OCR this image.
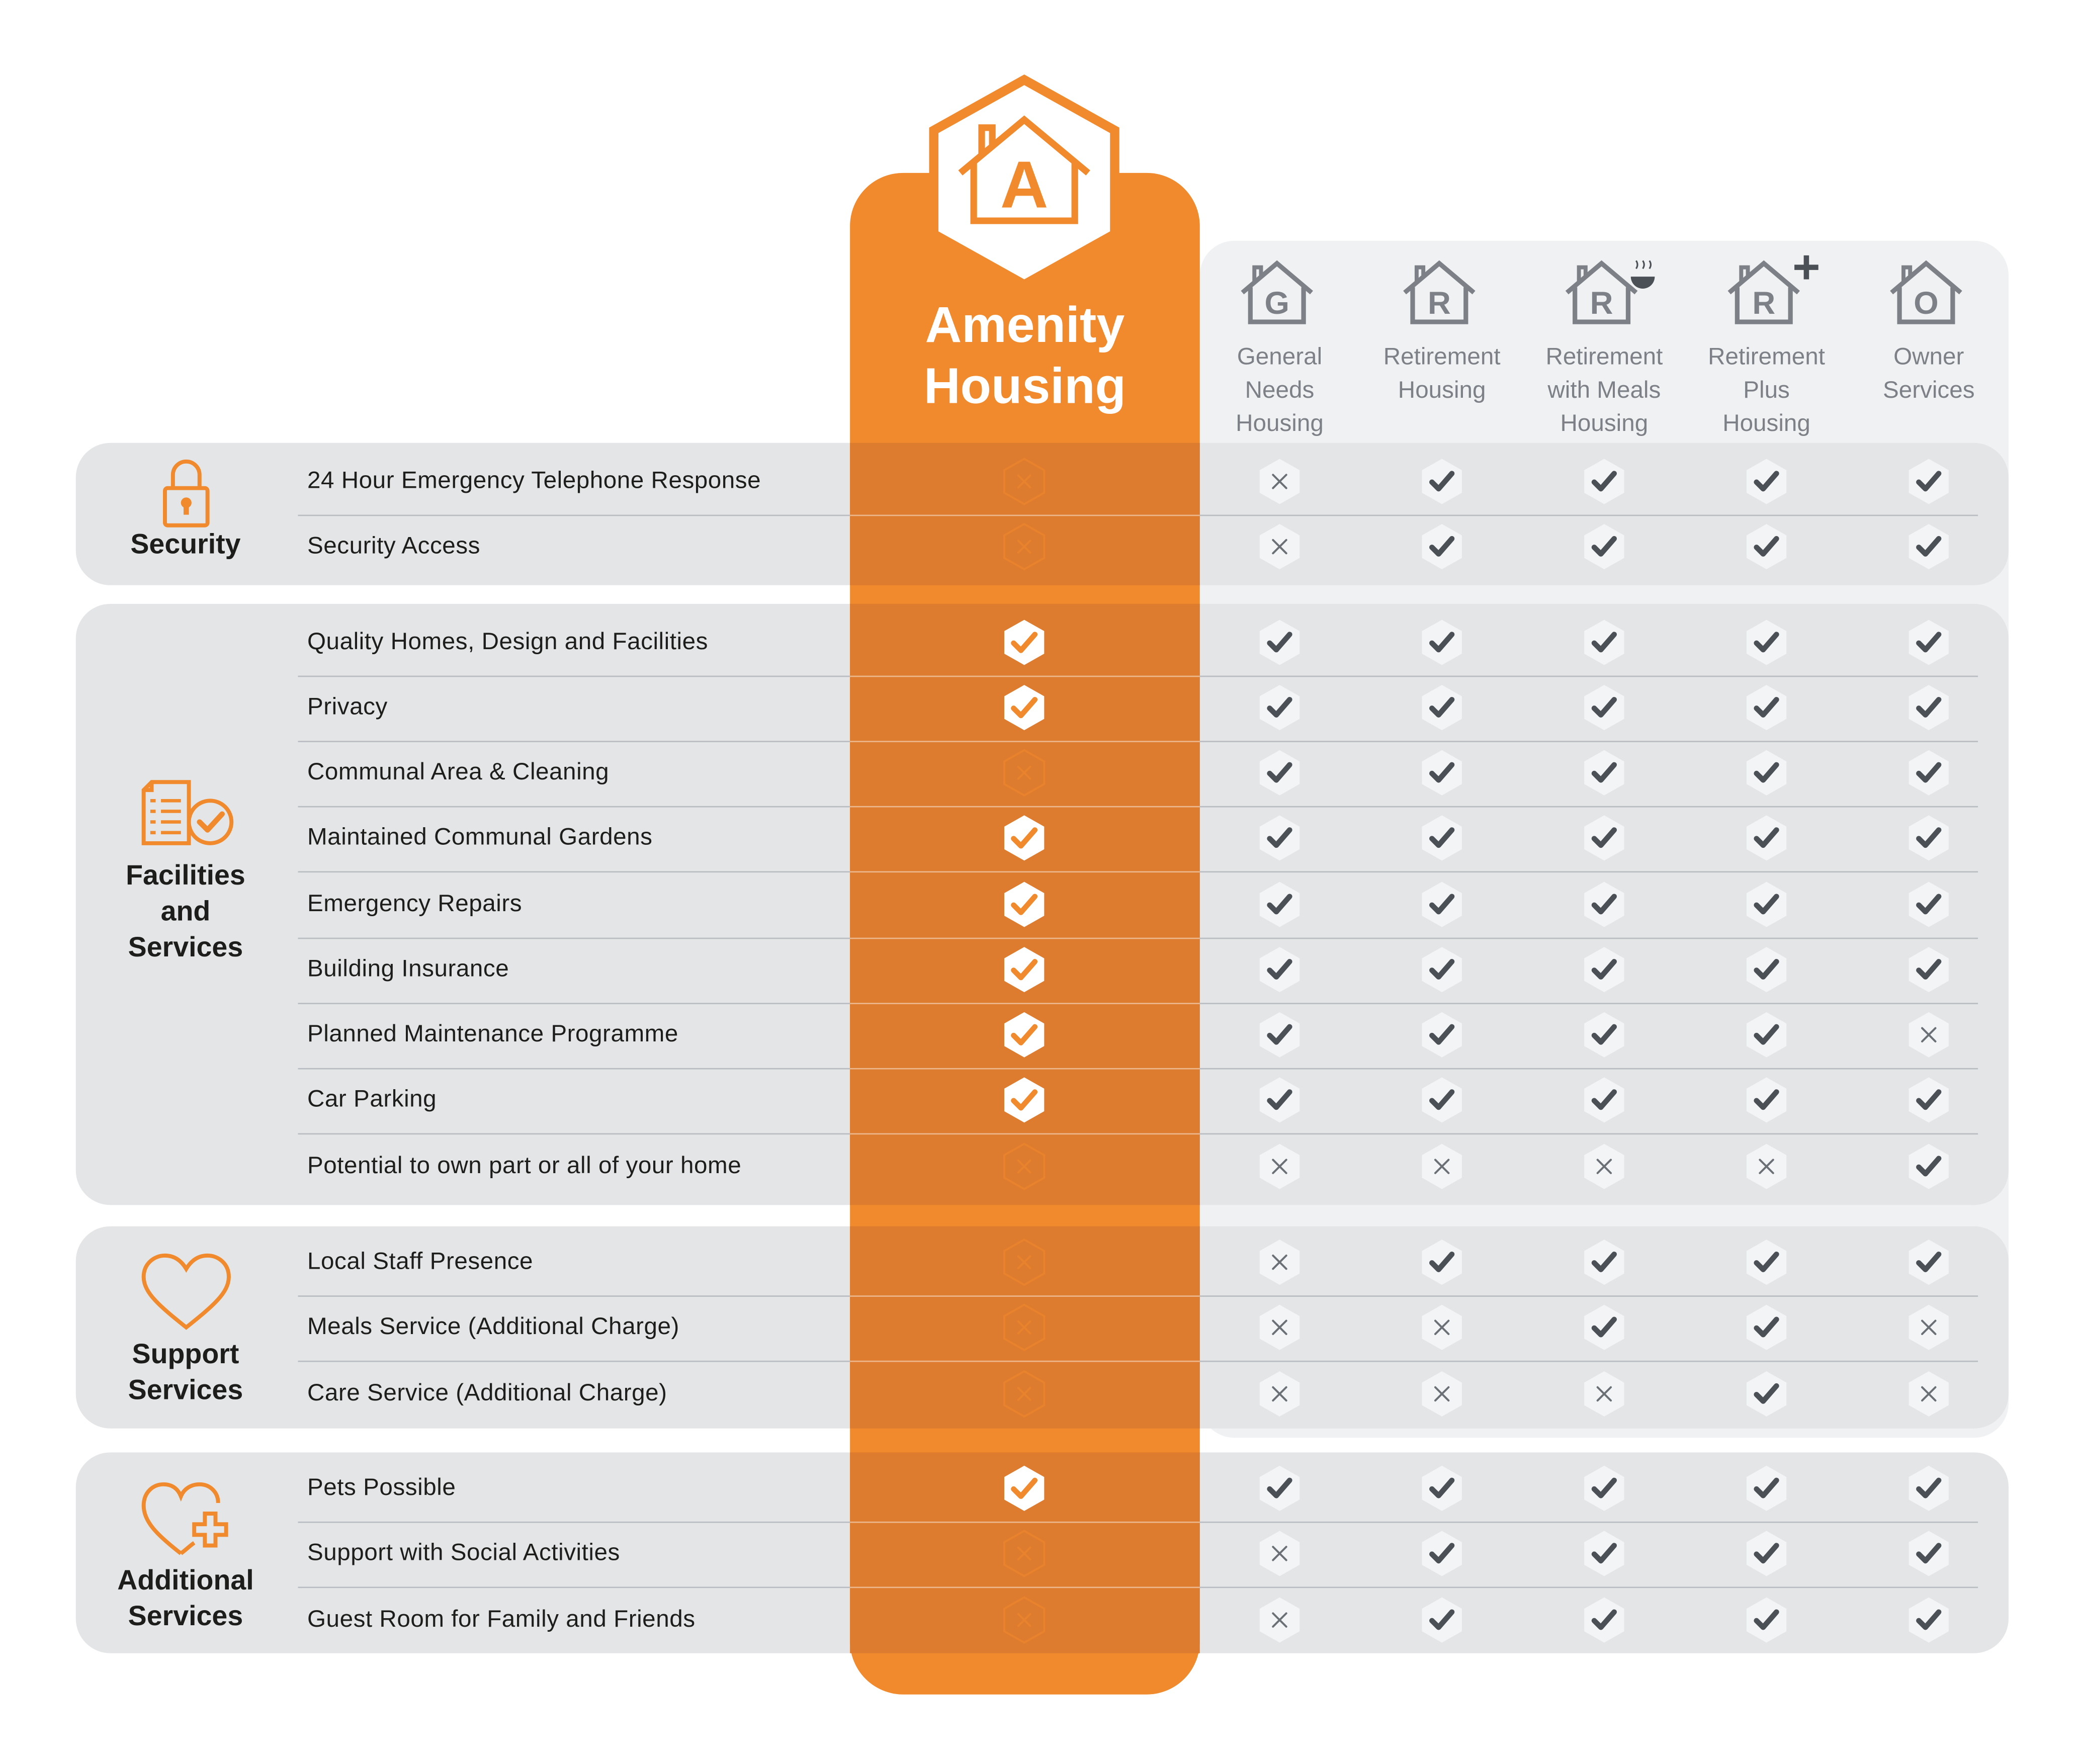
24 Hour Emergency Telephone Response
Security Access
Quality Homes, Design and Facilities
Privacy
Communal Area & Cleaning
Maintained Communal Gardens
Emergency Repairs
Building Insurance
Planned Maintenance Programme
Car Parking
Potential to own part or all of your home
Local Staff Presence
Meals Service (Additional Charge)
Care Service (Additional Charge)
Pets Possible
Support with Social Activities
Guest Room for Family and Friends
Security
Facilities
and
Services
Support
Services
Additional
Services
G
General
Needs
Housing
R
Retirement
Housing
R
Retirement
with Meals
Housing
R
Retirement
Plus
Housing
O
Owner
Services
A
Amenity
Housing
